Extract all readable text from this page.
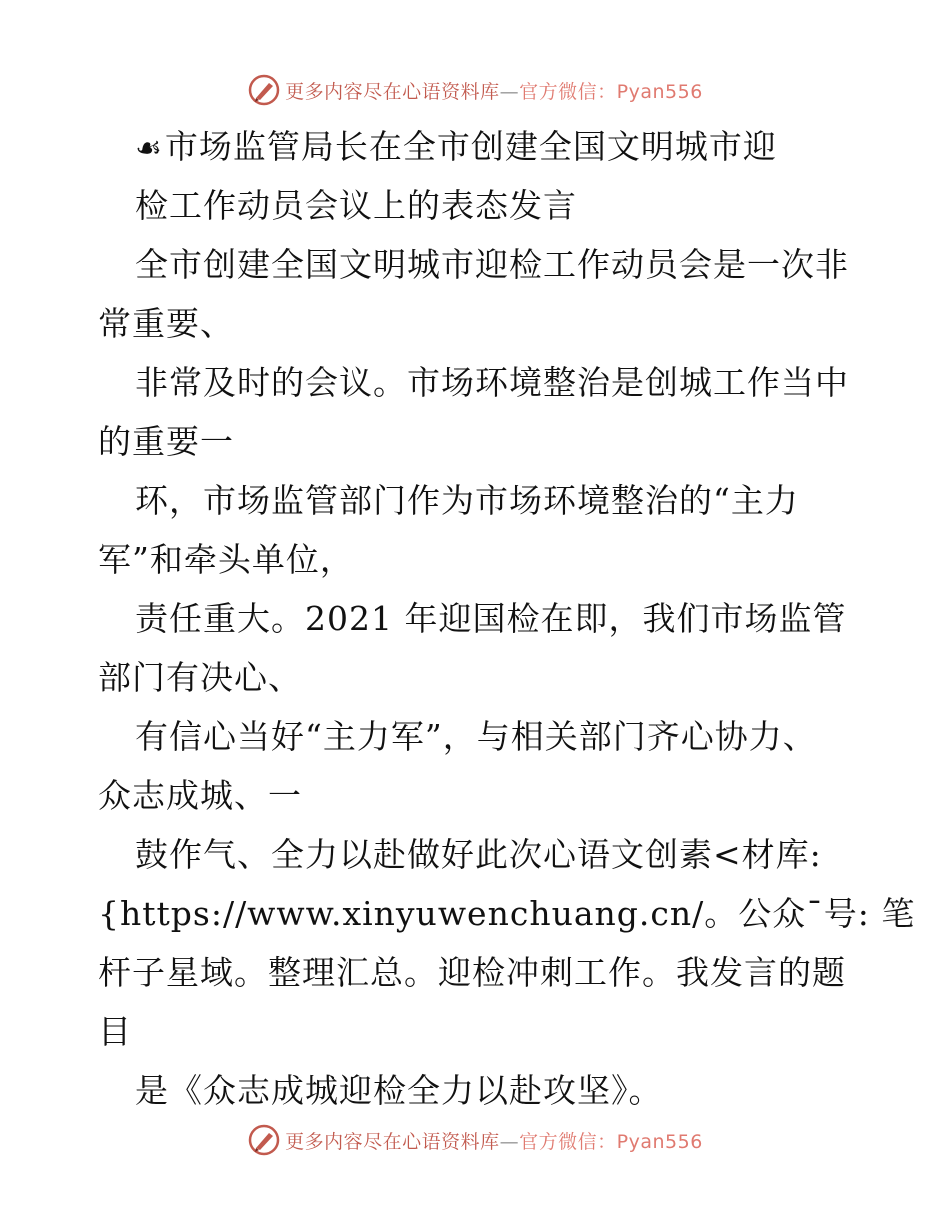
更多内容尽在心语资料库—官方微信：Pyan556
☙市场监管局长在全市创建全国文明城市迎
检工作动员会议上的表态发言
全市创建全国文明城市迎检工作动员会是一次非
常重要、
非常及时的会议。市场环境整治是创城工作当中
的重要一
环，市场监管部门作为市场环境整治的“主力
军”和牵头单位，
责任重大。2021 年迎国检在即，我们市场监管
部门有决心、
有信心当好“主力军”，与相关部门齐心协力、
众志成城、一
鼓作气、全力以赴做好此次心语文创素<材库:
{https://www.xinyuwenchuang.cn/。公众¯号: 笔
杆子星域。整理汇总。迎检冲刺工作。我发言的题
目
是《众志成城迎检全力以赴攻坚》。
更多内容尽在心语资料库—官方微信：Pyan556
